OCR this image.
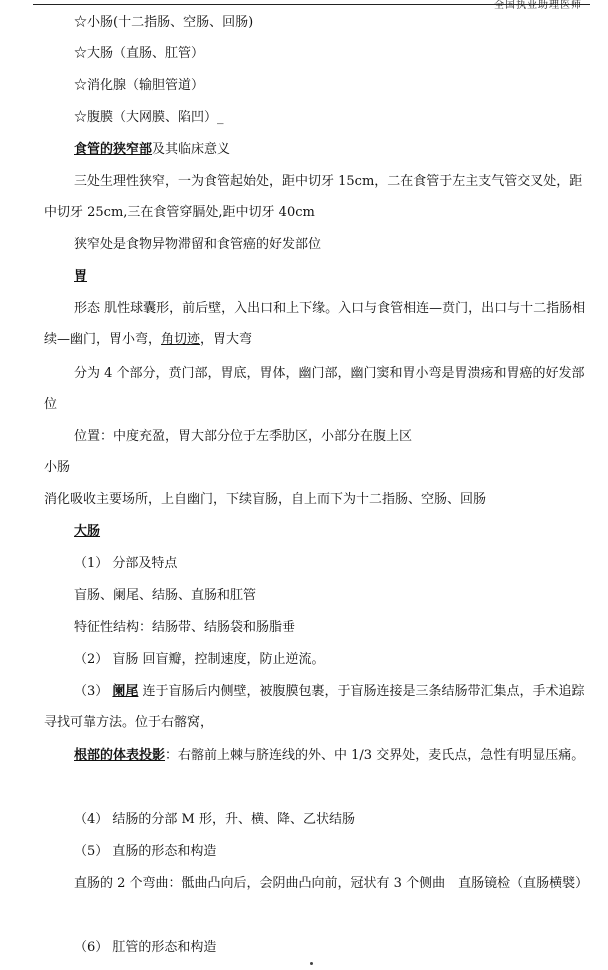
全国执业助理医师
☆小肠(十二指肠、空肠、回肠)
☆大肠（直肠、肛管）
☆消化腺（输胆管道）
☆腹膜（大网膜、陷凹）_
食管的狭窄部及其临床意义
三处生理性狭窄，一为食管起始处，距中切牙 15cm，二在食管于左主支气管交叉处，距中切牙 25cm,三在食管穿膈处,距中切牙 40cm
狭窄处是食物异物滞留和食管癌的好发部位
胃
形态 肌性球囊形，前后壁，入出口和上下缘。入口与食管相连—贲门，出口与十二指肠相续—幽门，胃小弯，角切迹，胃大弯
分为 4 个部分，贲门部，胃底，胃体，幽门部，幽门窦和胃小弯是胃溃疡和胃癌的好发部位
位置：中度充盈，胃大部分位于左季肋区，小部分在腹上区
小肠
消化吸收主要场所，上自幽门，下续盲肠，自上而下为十二指肠、空肠、回肠
大肠
（1） 分部及特点
盲肠、阑尾、结肠、直肠和肛管
特征性结构：结肠带、结肠袋和肠脂垂
（2） 盲肠 回盲瓣，控制速度，防止逆流。
（3） 阑尾 连于盲肠后内侧壁，被腹膜包裹，于盲肠连接是三条结肠带汇集点，手术追踪寻找可靠方法。位于右髂窝，
根部的体表投影：右髂前上棘与脐连线的外、中 1/3 交界处，麦氏点，急性有明显压痛。
（4） 结肠的分部 M 形，升、横、降、乙状结肠
（5） 直肠的形态和构造
直肠的 2 个弯曲：骶曲凸向后，会阴曲凸向前，冠状有 3 个侧曲　直肠镜检（直肠横襞）
（6） 肛管的形态和构造
